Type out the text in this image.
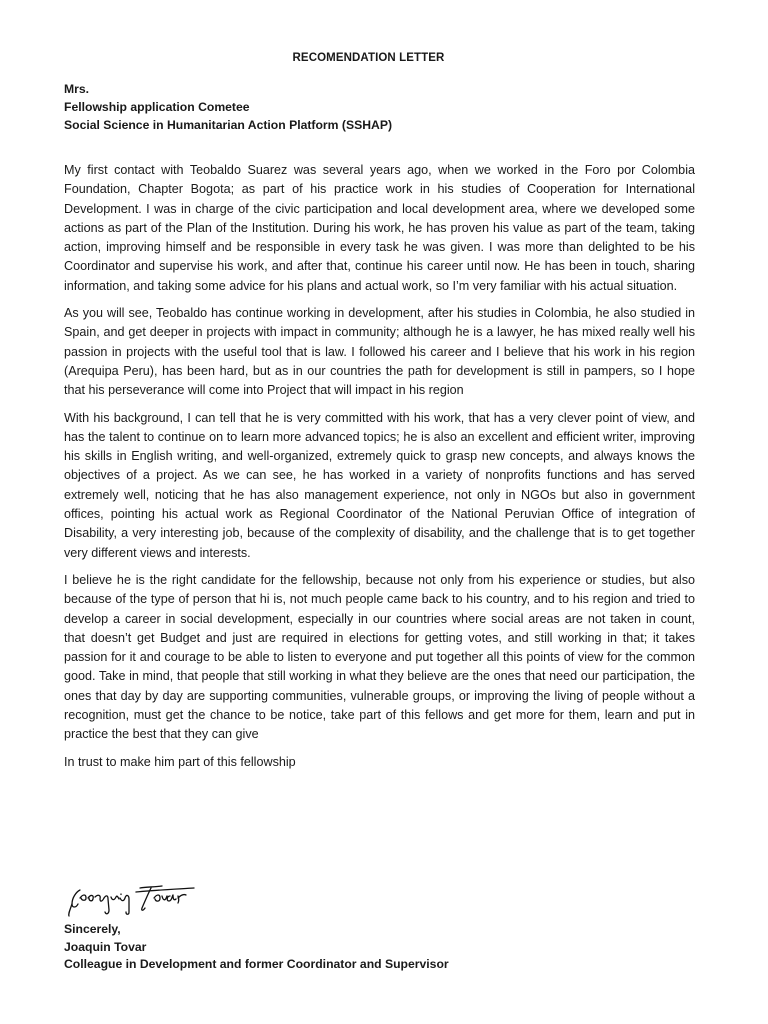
RECOMENDATION LETTER
Mrs.
Fellowship application Cometee
Social Science in Humanitarian Action Platform (SSHAP)

My first contact with Teobaldo Suarez was several years ago, when we worked in the Foro por Colombia Foundation, Chapter Bogota; as part of his practice work in his studies of Cooperation for International Development. I was in charge of the civic participation and local development area, where we developed some actions as part of the Plan of the Institution. During his work, he has proven his value as part of the team, taking action, improving himself and be responsible in every task he was given. I was more than delighted to be his Coordinator and supervise his work, and after that, continue his career until now. He has been in touch, sharing information, and taking some advice for his plans and actual work, so I’m very familiar with his actual situation.

As you will see, Teobaldo has continue working in development, after his studies in Colombia, he also studied in Spain, and get deeper in projects with impact in community; although he is a lawyer, he has mixed really well his passion in projects with the useful tool that is law. I followed his career and I believe that his work in his region (Arequipa Peru), has been hard, but as in our countries the path for development is still in pampers, so I hope that his perseverance will come into Project that will impact in his region

With his background, I can tell that he is very committed with his work, that has a very clever point of view, and has the talent to continue on to learn more advanced topics; he is also an excellent and efficient writer, improving his skills in English writing, and well-organized, extremely quick to grasp new concepts, and always knows the objectives of a project. As we can see, he has worked in a variety of nonprofits functions and has served extremely well, noticing that he has also management experience, not only in NGOs but also in government offices, pointing his actual work as Regional Coordinator of the National Peruvian Office of integration of Disability, a very interesting job, because of the complexity of disability, and the challenge that is to get together very different views and interests.

I believe he is the right candidate for the fellowship, because not only from his experience or studies, but also because of the type of person that hi is, not much people came back to his country, and to his region and tried to develop a career in social development, especially in our countries where social areas are not taken in count, that doesn’t get Budget and just are required in elections for getting votes, and still working in that; it takes passion for it and courage to be able to listen to everyone and put together all this points of view for the common good. Take in mind, that people that still working in what they believe are the ones that need our participation, the ones that day by day are supporting communities, vulnerable groups, or improving the living of people without a recognition, must get the chance to be notice, take part of this fellows and get more for them, learn and put in practice the best that they can give

In trust to make him part of this fellowship

Sincerely,
Joaquin Tovar
Colleague in Development and former Coordinator and Supervisor
